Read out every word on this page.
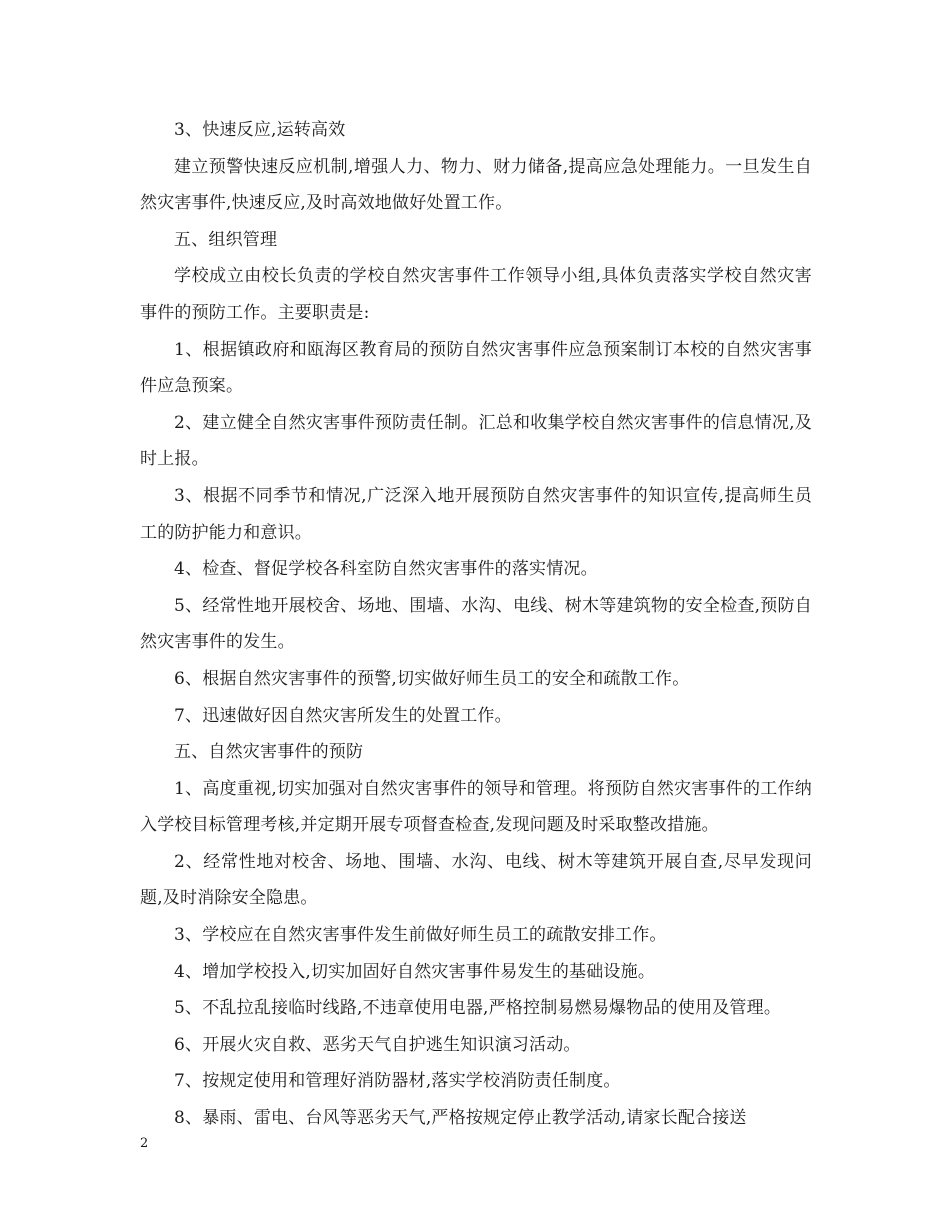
3、快速反应,运转高效

建立预警快速反应机制,增强人力、物力、财力储备,提高应急处理能力。一旦发生自然灾害事件,快速反应,及时高效地做好处置工作。

五、组织管理

学校成立由校长负责的学校自然灾害事件工作领导小组,具体负责落实学校自然灾害事件的预防工作。主要职责是:

1、根据镇政府和瓯海区教育局的预防自然灾害事件应急预案制订本校的自然灾害事件应急预案。

2、建立健全自然灾害事件预防责任制。汇总和收集学校自然灾害事件的信息情况,及时上报。

3、根据不同季节和情况,广泛深入地开展预防自然灾害事件的知识宣传,提高师生员工的防护能力和意识。

4、检查、督促学校各科室防自然灾害事件的落实情况。

5、经常性地开展校舍、场地、围墙、水沟、电线、树木等建筑物的安全检查,预防自然灾害事件的发生。

6、根据自然灾害事件的预警,切实做好师生员工的安全和疏散工作。

7、迅速做好因自然灾害所发生的处置工作。

五、自然灾害事件的预防

1、高度重视,切实加强对自然灾害事件的领导和管理。将预防自然灾害事件的工作纳入学校目标管理考核,并定期开展专项督查检查,发现问题及时采取整改措施。

2、经常性地对校舍、场地、围墙、水沟、电线、树木等建筑开展自查,尽早发现问题,及时消除安全隐患。

3、学校应在自然灾害事件发生前做好师生员工的疏散安排工作。

4、增加学校投入,切实加固好自然灾害事件易发生的基础设施。

5、不乱拉乱接临时线路,不违章使用电器,严格控制易燃易爆物品的使用及管理。

6、开展火灾自救、恶劣天气自护逃生知识演习活动。

7、按规定使用和管理好消防器材,落实学校消防责任制度。

8、暴雨、雷电、台风等恶劣天气,严格按规定停止教学活动,请家长配合接送

2
